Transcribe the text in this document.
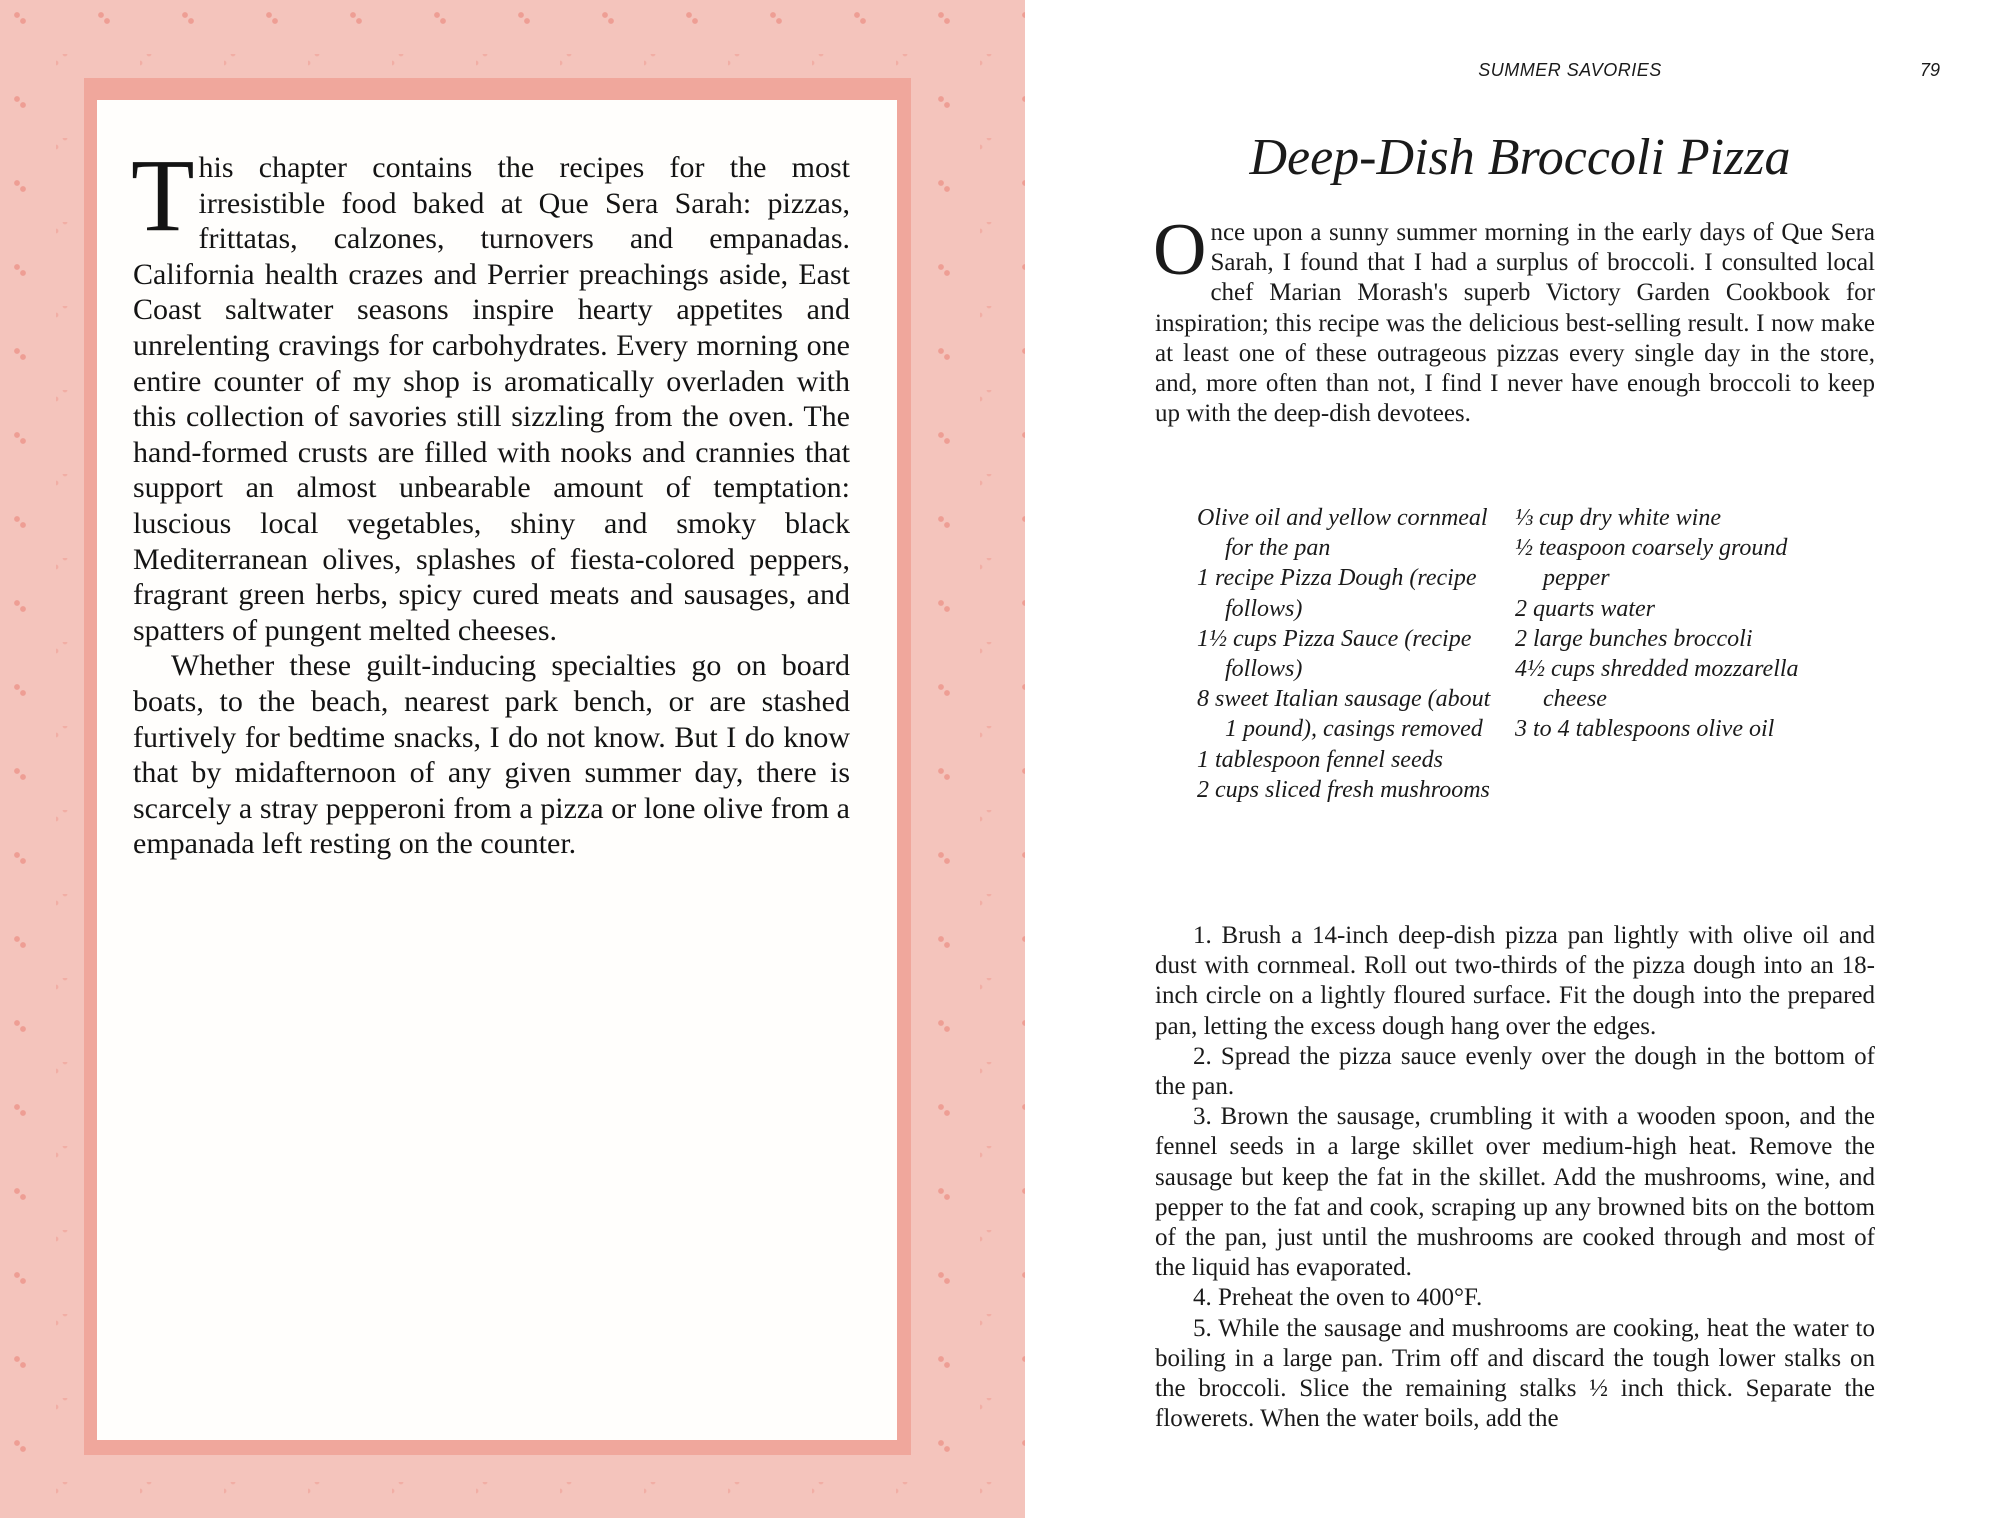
This chapter contains the recipes for the most irresistible food baked at Que Sera Sarah: pizzas, frittatas, calzones, turnovers and empanadas. California health crazes and Perrier preachings aside, East Coast saltwater seasons inspire hearty appetites and unrelenting cravings for carbohydrates. Every morning one entire counter of my shop is aromatically overladen with this collection of savories still sizzling from the oven. The hand-formed crusts are filled with nooks and crannies that support an almost unbearable amount of temptation: luscious local vegetables, shiny and smoky black Mediterranean olives, splashes of fiesta-colored peppers, fragrant green herbs, spicy cured meats and sausages, and spatters of pungent melted cheeses.

Whether these guilt-inducing specialties go on board boats, to the beach, nearest park bench, or are stashed furtively for bedtime snacks, I do not know. But I do know that by midafternoon of any given summer day, there is scarcely a stray pepperoni from a pizza or lone olive from a empanada left resting on the counter.

SUMMER SAVORIES	79
Deep-Dish Broccoli Pizza
Once upon a sunny summer morning in the early days of Que Sera Sarah, I found that I had a surplus of broccoli. I consulted local chef Marian Morash's superb Victory Garden Cookbook for inspiration; this recipe was the delicious best-selling result. I now make at least one of these outrageous pizzas every single day in the store, and, more often than not, I find I never have enough broccoli to keep up with the deep-dish devotees.
Olive oil and yellow cornmeal for the pan
1 recipe Pizza Dough (recipe follows)
1½ cups Pizza Sauce (recipe follows)
8 sweet Italian sausage (about 1 pound), casings removed
1 tablespoon fennel seeds
2 cups sliced fresh mushrooms
⅓ cup dry white wine
½ teaspoon coarsely ground pepper
2 quarts water
2 large bunches broccoli
4½ cups shredded mozzarella cheese
3 to 4 tablespoons olive oil

1. Brush a 14-inch deep-dish pizza pan lightly with olive oil and dust with cornmeal. Roll out two-thirds of the pizza dough into an 18-inch circle on a lightly floured surface. Fit the dough into the prepared pan, letting the excess dough hang over the edges.

2. Spread the pizza sauce evenly over the dough in the bottom of the pan.

3. Brown the sausage, crumbling it with a wooden spoon, and the fennel seeds in a large skillet over medium-high heat. Remove the sausage but keep the fat in the skillet. Add the mushrooms, wine, and pepper to the fat and cook, scraping up any browned bits on the bottom of the pan, just until the mushrooms are cooked through and most of the liquid has evaporated.

4. Preheat the oven to 400°F.

5. While the sausage and mushrooms are cooking, heat the water to boiling in a large pan. Trim off and discard the tough lower stalks on the broccoli. Slice the remaining stalks ½ inch thick. Separate the flowerets. When the water boils, add the
